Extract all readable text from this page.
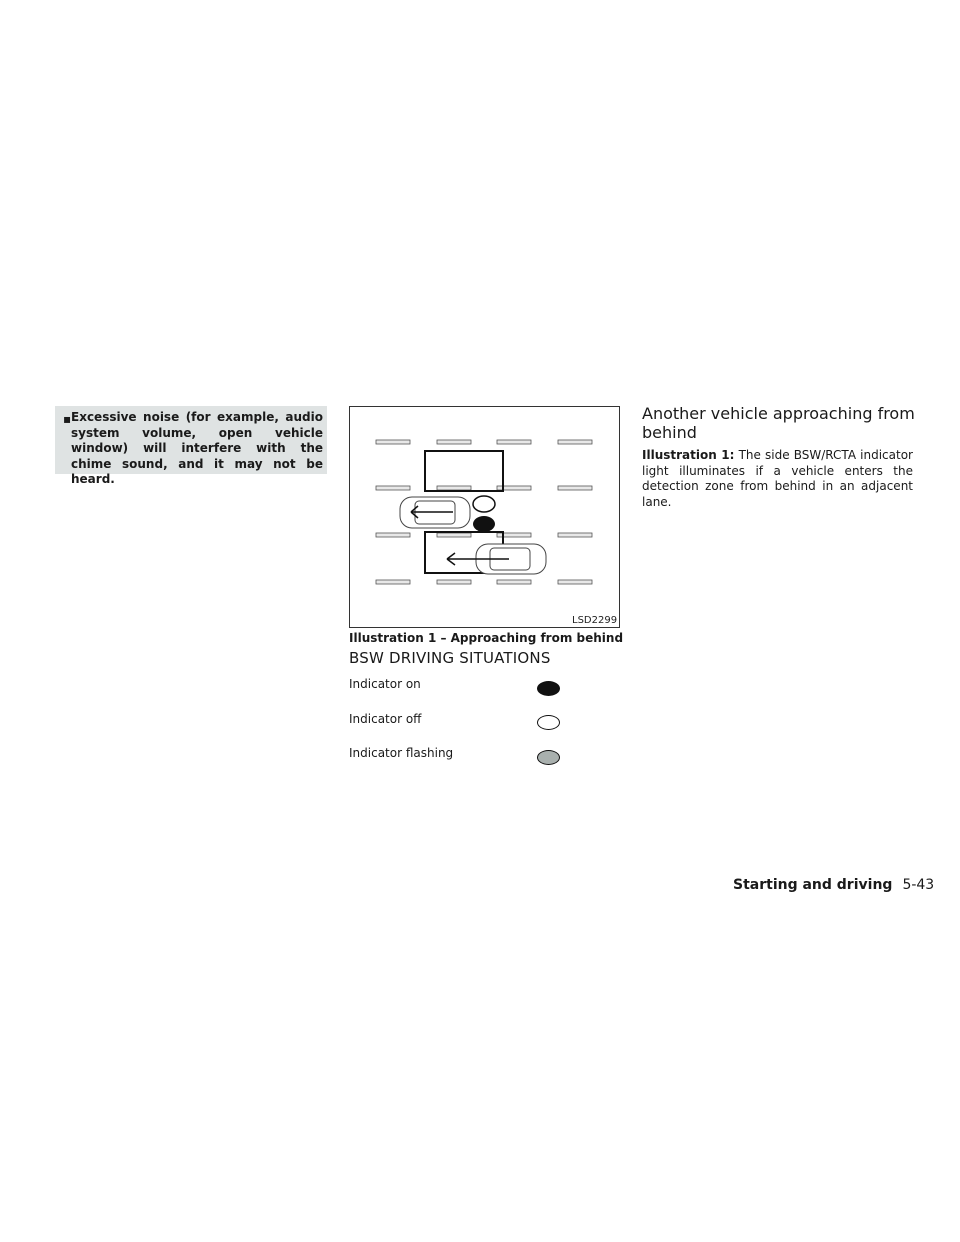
▪ Excessive noise (for example, audio system volume, open vehicle window) will interfere with the chime sound, and it may not be heard.
LSD2299
Illustration 1 – Approaching from behind
BSW DRIVING SITUATIONS
Indicator on
Indicator off
Indicator flashing
Another vehicle approaching from behind
Illustration 1: The side BSW/RCTA indicator light illuminates if a vehicle enters the detection zone from behind in an adjacent lane.
Starting and driving 5-43
